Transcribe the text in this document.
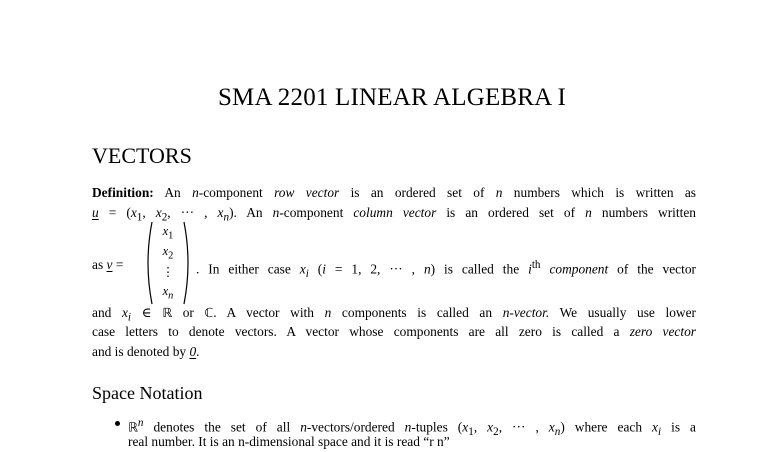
SMA 2201 LINEAR ALGEBRA I
VECTORS
Definition: An n-component row vector is an ordered set of n numbers which is written as
$u = (x_1$, $x_2$, ··· , $x_n$). An n-component column vector is an ordered set of n numbers written
$x_1$
$x_2$
⋮
$x_n$
as v =	. In either case $x_i$ (i = 1, 2, ··· , n) is called the $i^{th}$ component of the vector
and $x_i$ ∈ ℝ or ℂ. A vector with n components is called an n-vector. We usually use lower
case letters to denote vectors. A vector whose components are all zero is called a zero vector
and is denoted by 0.
Space Notation
ℝ$^n$ denotes the set of all n-vectors/ordered n-tuples ($x_1$, $x_2$, ··· , $x_n$) where each $x_i$ is a
real number. It is an n-dimensional space and it is read “r n”
